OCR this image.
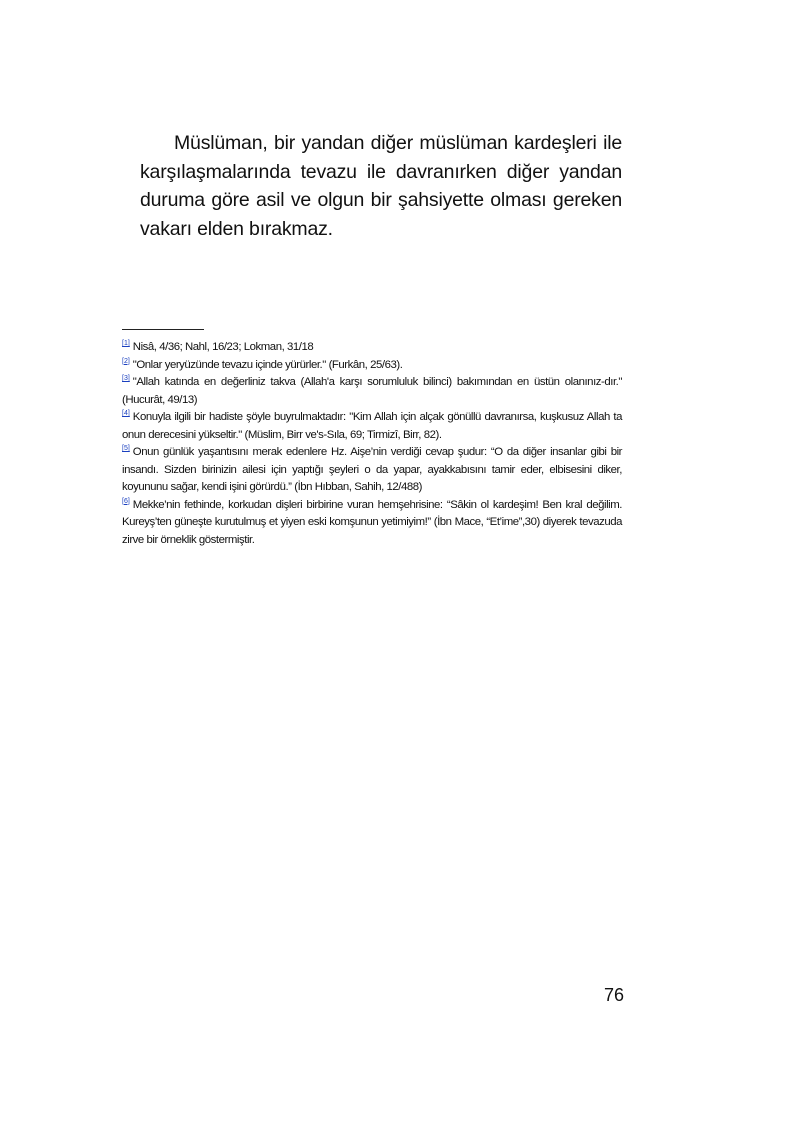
Müslüman, bir yandan diğer müslüman kardeşleri ile karşılaşmalarında tevazu ile davranırken diğer yandan duruma göre asil ve olgun bir şahsiyette olması gereken vakarı elden bırakmaz.

[1] Nisâ, 4/36; Nahl, 16/23; Lokman, 31/18
[2] "Onlar yeryüzünde tevazu içinde yürürler." (Furkân, 25/63).
[3] "Allah katında en değerliniz takva (Allah'a karşı sorumluluk bilinci) bakımından en üstün olanınız-dır." (Hucurât, 49/13)
[4] Konuyla ilgili bir hadiste şöyle buyrulmaktadır: "Kim Allah için alçak gönüllü davranırsa, kuşkusuz Allah ta onun derecesini yükseltir." (Müslim, Birr ve's-Sıla, 69; Tirmizî, Birr, 82).
[5] Onun günlük yaşantısını merak edenlere Hz. Aişe’nin verdiği cevap şudur: “O da diğer insanlar gibi bir insandı. Sizden birinizin ailesi için yaptığı şeyleri o da yapar, ayakkabısını tamir eder, elbisesini diker, koyununu sağar, kendi işini görürdü.” (İbn Hıbban, Sahih, 12/488)
[6] Mekke’nin fethinde, korkudan dişleri birbirine vuran hemşehrisine: “Sâkin ol kardeşim! Ben kral değilim. Kureyş’ten güneşte kurutulmuş et yiyen eski komşunun yetimiyim!” (İbn Mace, “Et’ime”,30) diyerek tevazuda zirve bir örneklik göstermiştir.
76
